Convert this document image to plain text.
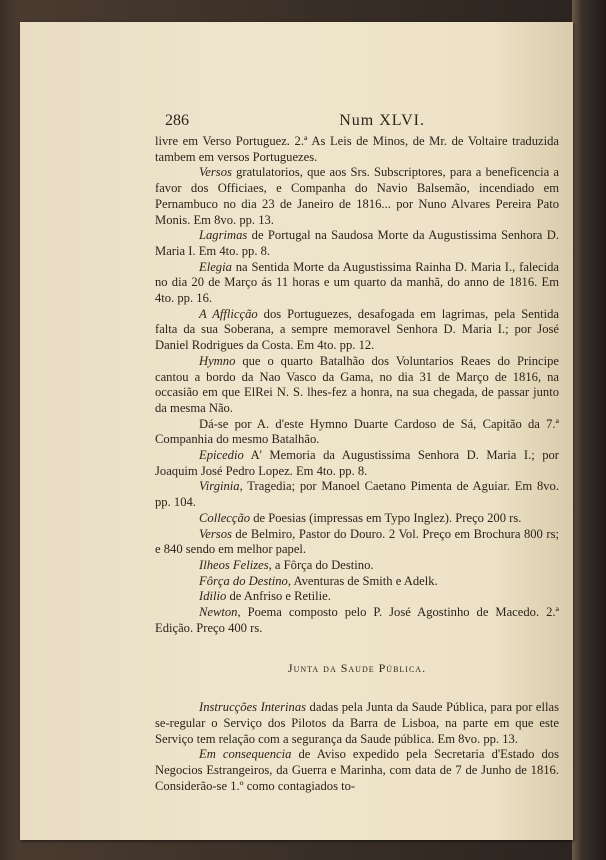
286	Num XLVI.

livre em Verso Portuguez. 2.ª As Leis de Minos, de Mr. de Voltaire traduzida tambem em versos Portuguezes.

Versos gratulatorios, que aos Srs. Subscriptores, para a beneficencia a favor dos Officiaes, e Companha do Navio Balsemão, incendiado em Pernambuco no dia 23 de Janeiro de 1816... por Nuno Alvares Pereira Pato Monis. Em 8vo. pp. 13.

Lagrimas de Portugal na Saudosa Morte da Augustissima Senhora D. Maria I. Em 4to. pp. 8.

Elegia na Sentida Morte da Augustissima Rainha D. Maria I., falecida no dia 20 de Março ás 11 horas e um quarto da manhã, do anno de 1816. Em 4to. pp. 16.

A Afflicção dos Portuguezes, desafogada em lagrimas, pela Sentida falta da sua Soberana, a sempre memoravel Senhora D. Maria I.; por José Daniel Rodrigues da Costa. Em 4to. pp. 12.

Hymno que o quarto Batalhão dos Voluntarios Reaes do Principe cantou a bordo da Nao Vasco da Gama, no dia 31 de Março de 1816, na occasião em que ElRei N. S. lhes-fez a honra, na sua chegada, de passar junto da mesma Não.

Dá-se por A. d'este Hymno Duarte Cardoso de Sá, Capitão da 7.ª Companhia do mesmo Batalhão.

Epicedio A' Memoria da Augustissima Senhora D. Maria I.; por Joaquim José Pedro Lopez. Em 4to. pp. 8.

Virginia, Tragedia; por Manoel Caetano Pimenta de Aguiar. Em 8vo. pp. 104.

Collecção de Poesias (impressas em Typo Inglez). Preço 200 rs.

Versos de Belmiro, Pastor do Douro. 2 Vol. Preço em Brochura 800 rs; e 840 sendo em melhor papel.

Ilheos Felizes, a Fôrça do Destino.

Fôrça do Destino, Aventuras de Smith e Adelk.

Idilio de Anfriso e Retilie.

Newton, Poema composto pelo P. José Agostinho de Macedo. 2.ª Edição. Preço 400 rs.

Junta da Saude Pública.

Instrucções Interinas dadas pela Junta da Saude Pública, para por ellas se-regular o Serviço dos Pilotos da Barra de Lisboa, na parte em que este Serviço tem relação com a segurança da Saude pública. Em 8vo. pp. 13.

Em consequencia de Aviso expedido pela Secretaria d'Estado dos Negocios Estrangeiros, da Guerra e Marinha, com data de 7 de Junho de 1816. Considerão-se 1.º como contagiados to-
